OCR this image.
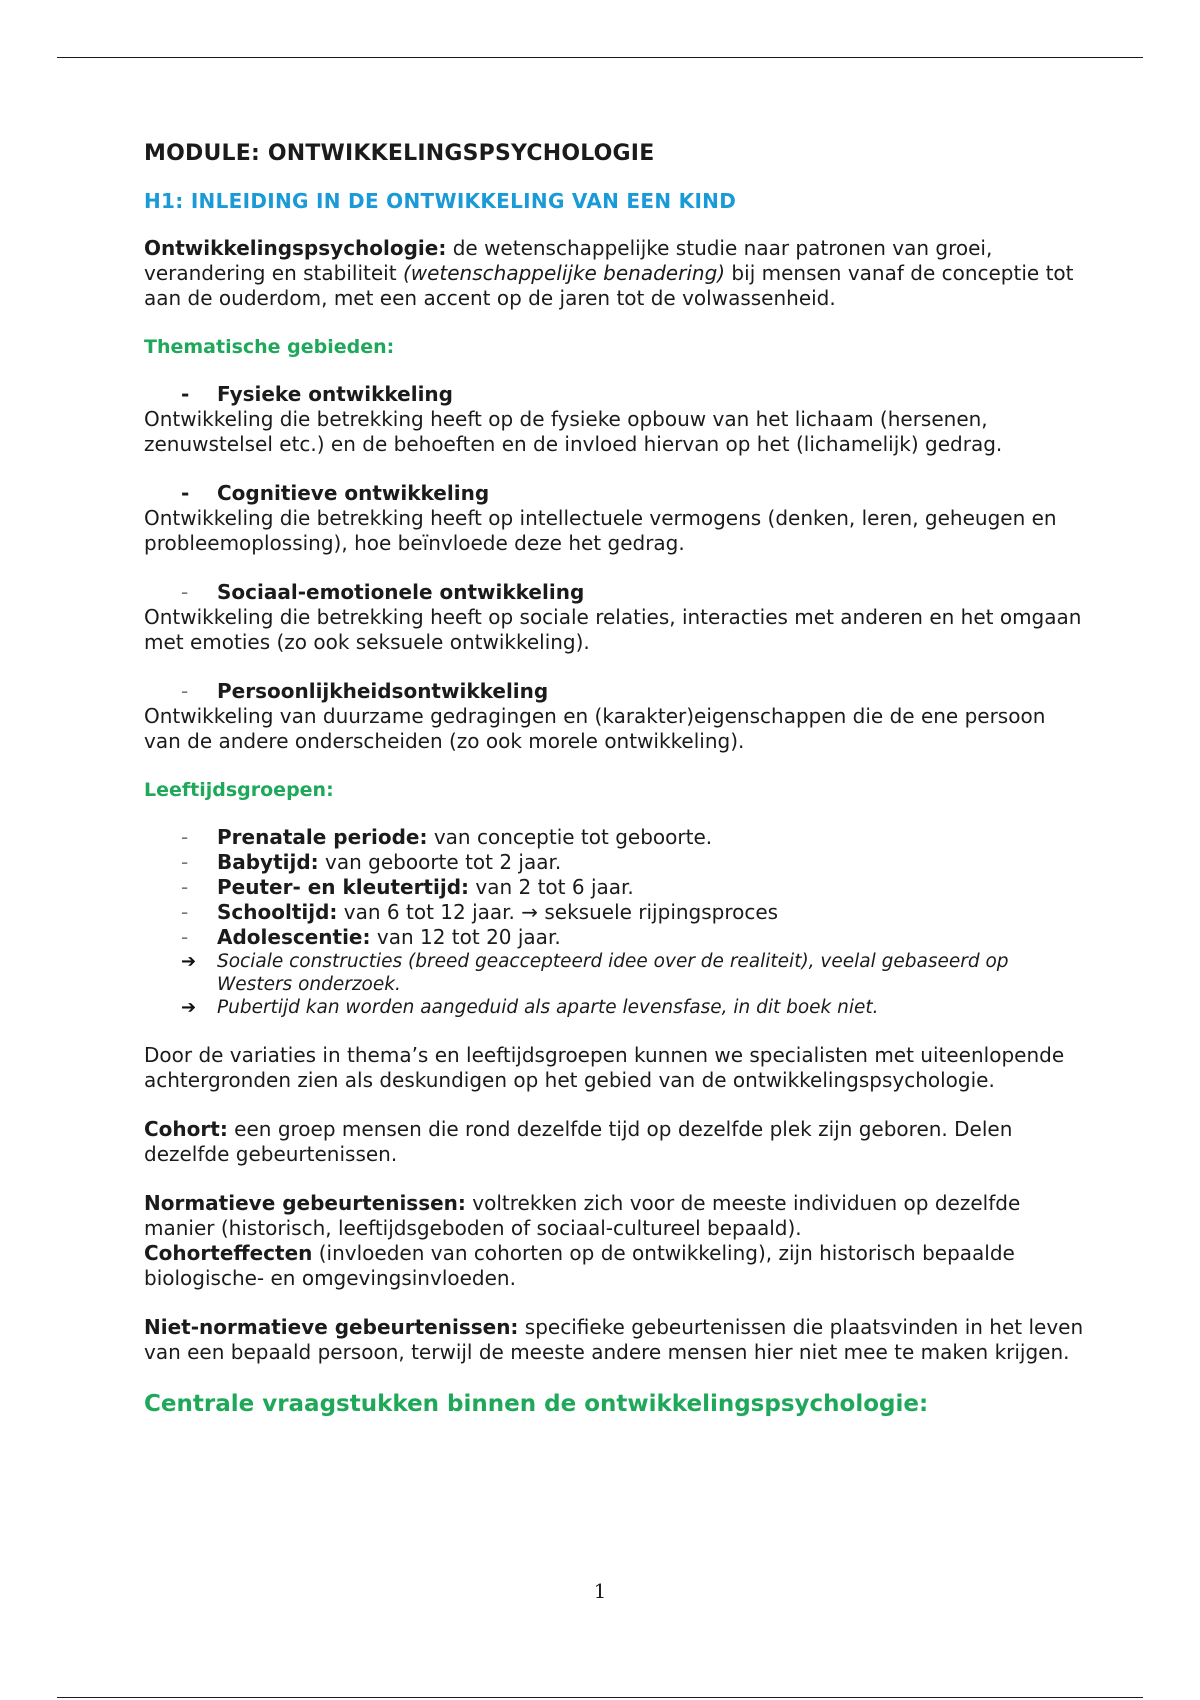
MODULE: ONTWIKKELINGSPSYCHOLOGIE
H1: INLEIDING IN DE ONTWIKKELING VAN EEN KIND

Ontwikkelingspsychologie: de wetenschappelijke studie naar patronen van groei, verandering en stabiliteit (wetenschappelijke benadering) bij mensen vanaf de conceptie tot aan de ouderdom, met een accent op de jaren tot de volwassenheid.

Thematische gebieden:
-	Fysieke ontwikkeling

Ontwikkeling die betrekking heeft op de fysieke opbouw van het lichaam (hersenen, zenuwstelsel etc.) en de behoeften en de invloed hiervan op het (lichamelijk) gedrag.

-	Cognitieve ontwikkeling

Ontwikkeling die betrekking heeft op intellectuele vermogens (denken, leren, geheugen en probleemoplossing), hoe beïnvloede deze het gedrag.

-	Sociaal-emotionele ontwikkeling

Ontwikkeling die betrekking heeft op sociale relaties, interacties met anderen en het omgaan met emoties (zo ook seksuele ontwikkeling).

-	Persoonlijkheidsontwikkeling

Ontwikkeling van duurzame gedragingen en (karakter)eigenschappen die de ene persoon van de andere onderscheiden (zo ook morele ontwikkeling).

Leeftijdsgroepen:
-	Prenatale periode: van conceptie tot geboorte.
-	Babytijd: van geboorte tot 2 jaar.
-	Peuter- en kleutertijd: van 2 tot 6 jaar.
-	Schooltijd: van 6 tot 12 jaar. → seksuele rijpingsproces
-	Adolescentie: van 12 tot 20 jaar.
➔	Sociale constructies (breed geaccepteerd idee over de realiteit), veelal gebaseerd op Westers onderzoek.
➔	Pubertijd kan worden aangeduid als aparte levensfase, in dit boek niet.

Door de variaties in thema’s en leeftijdsgroepen kunnen we specialisten met uiteenlopende achtergronden zien als deskundigen op het gebied van de ontwikkelingspsychologie.

Cohort: een groep mensen die rond dezelfde tijd op dezelfde plek zijn geboren. Delen dezelfde gebeurtenissen.

Normatieve gebeurtenissen: voltrekken zich voor de meeste individuen op dezelfde manier (historisch, leeftijdsgeboden of sociaal-cultureel bepaald).

Cohorteffecten (invloeden van cohorten op de ontwikkeling), zijn historisch bepaalde biologische- en omgevingsinvloeden.

Niet-normatieve gebeurtenissen: specifieke gebeurtenissen die plaatsvinden in het leven van een bepaald persoon, terwijl de meeste andere mensen hier niet mee te maken krijgen.

Centrale vraagstukken binnen de ontwikkelingspsychologie:
1
